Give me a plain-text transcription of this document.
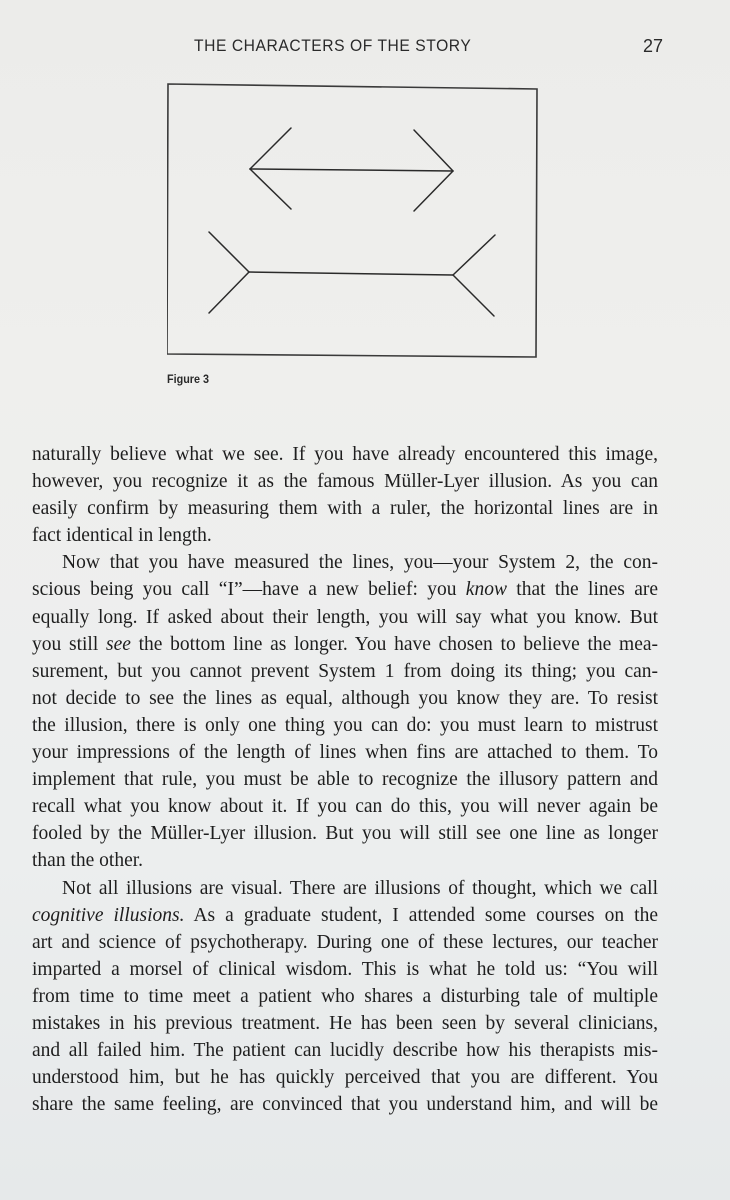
THE CHARACTERS OF THE STORY	27
Figure 3
naturally believe what we see. If you have already encountered this image,
however, you recognize it as the famous Müller-Lyer illusion. As you can
easily confirm by measuring them with a ruler, the horizontal lines are in
fact identical in length.
Now that you have measured the lines, you—your System 2, the con-
scious being you call “I”—have a new belief: you know that the lines are
equally long. If asked about their length, you will say what you know. But
you still see the bottom line as longer. You have chosen to believe the mea-
surement, but you cannot prevent System 1 from doing its thing; you can-
not decide to see the lines as equal, although you know they are. To resist
the illusion, there is only one thing you can do: you must learn to mistrust
your impressions of the length of lines when fins are attached to them. To
implement that rule, you must be able to recognize the illusory pattern and
recall what you know about it. If you can do this, you will never again be
fooled by the Müller-Lyer illusion. But you will still see one line as longer
than the other.
Not all illusions are visual. There are illusions of thought, which we call
cognitive illusions. As a graduate student, I attended some courses on the
art and science of psychotherapy. During one of these lectures, our teacher
imparted a morsel of clinical wisdom. This is what he told us: “You will
from time to time meet a patient who shares a disturbing tale of multiple
mistakes in his previous treatment. He has been seen by several clinicians,
and all failed him. The patient can lucidly describe how his therapists mis-
understood him, but he has quickly perceived that you are different. You
share the same feeling, are convinced that you understand him, and will be
